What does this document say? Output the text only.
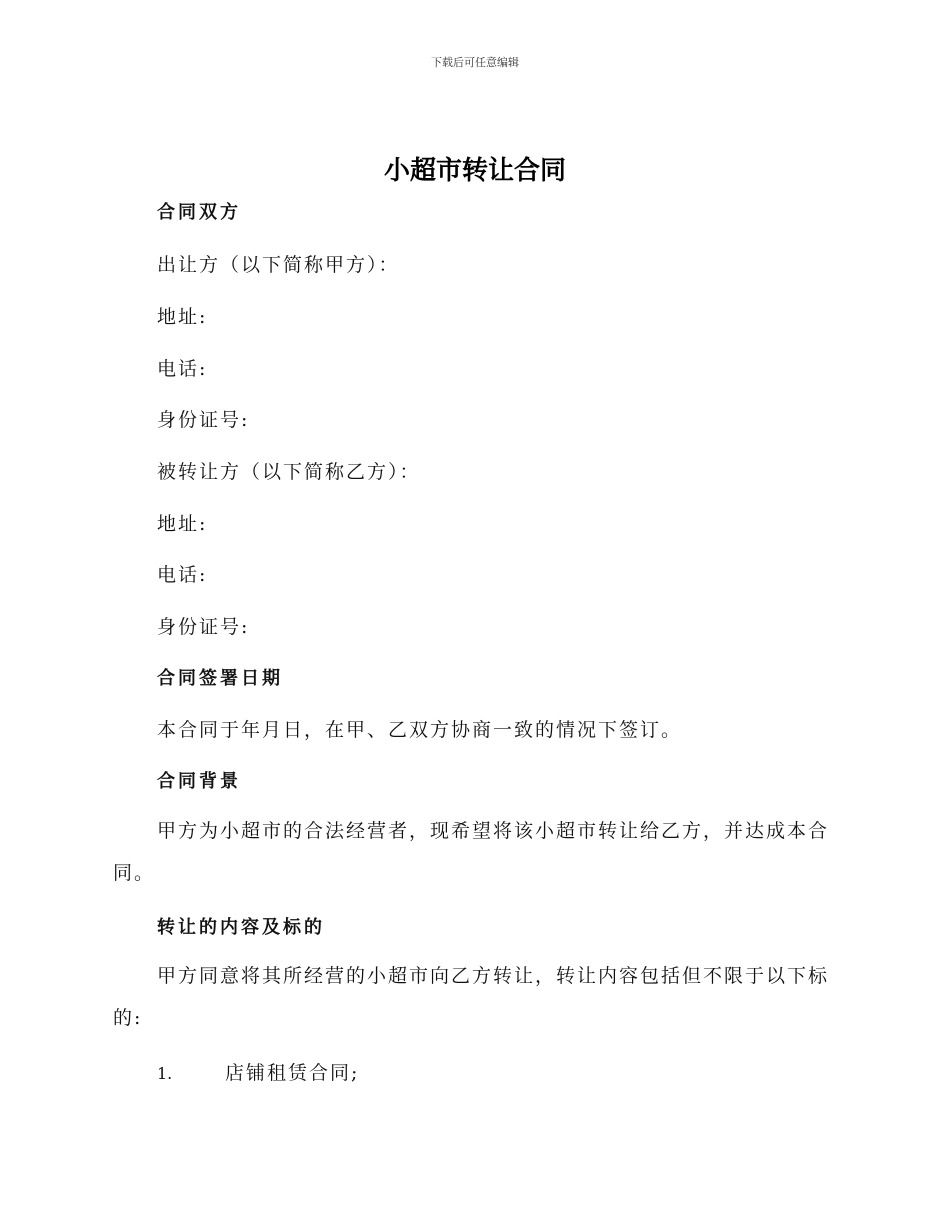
下载后可任意编辑
小超市转让合同

合同双方

出让方（以下简称甲方）：

地址:

电话:

身份证号:

被转让方（以下简称乙方）：

地址:

电话:

身份证号:

合同签署日期

本合同于年月日，在甲、乙双方协商一致的情况下签订。

合同背景

甲方为小超市的合法经营者，现希望将该小超市转让给乙方，并达成本合同。

转让的内容及标的

甲方同意将其所经营的小超市向乙方转让，转让内容包括但不限于以下标的:

1.	店铺租赁合同;
